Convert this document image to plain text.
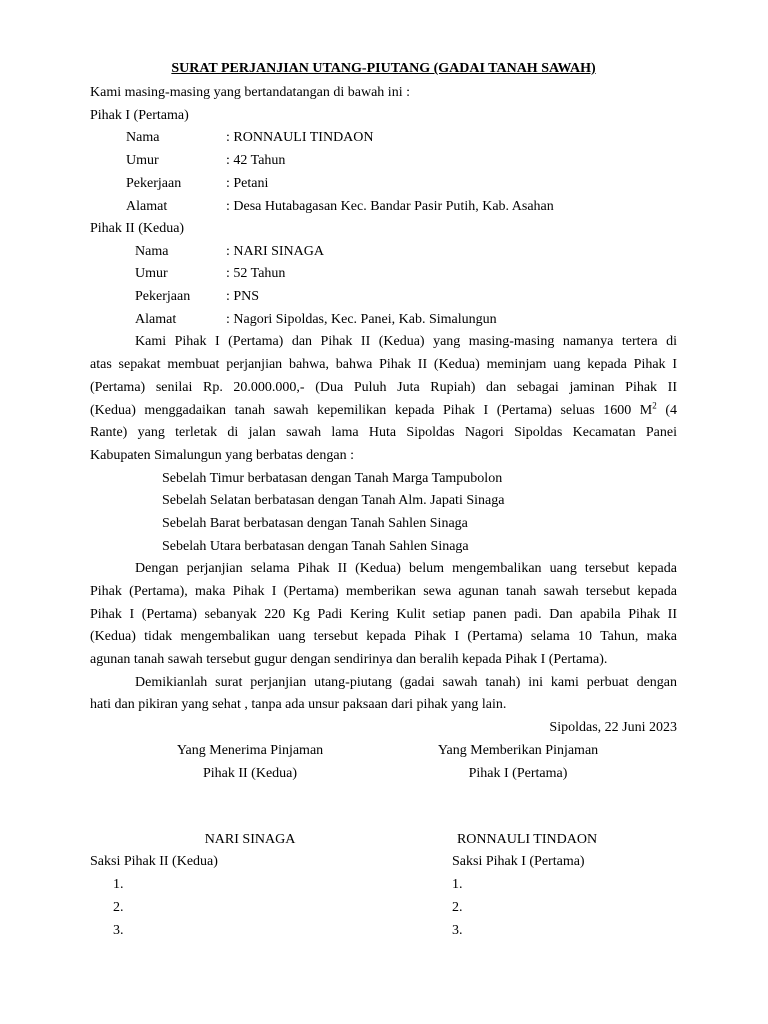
SURAT PERJANJIAN UTANG-PIUTANG (GADAI TANAH SAWAH)
Kami masing-masing yang bertandatangan di bawah ini :
Pihak I (Pertama)
Nama	: RONNAULI TINDAON
Umur	: 42 Tahun
Pekerjaan	: Petani
Alamat	: Desa Hutabagasan Kec. Bandar Pasir Putih, Kab. Asahan
Pihak II (Kedua)
Nama	: NARI SINAGA
Umur	: 52 Tahun
Pekerjaan	: PNS
Alamat	: Nagori Sipoldas, Kec. Panei, Kab. Simalungun
Kami Pihak I (Pertama) dan Pihak II (Kedua) yang masing-masing namanya tertera di
atas sepakat membuat perjanjian bahwa, bahwa Pihak II (Kedua) meminjam uang kepada Pihak I
(Pertama) senilai Rp. 20.000.000,- (Dua Puluh Juta Rupiah) dan sebagai jaminan Pihak II
(Kedua) menggadaikan tanah sawah kepemilikan kepada Pihak I (Pertama) seluas 1600 $M^2$ (4
Rante) yang terletak di jalan sawah lama Huta Sipoldas Nagori Sipoldas Kecamatan Panei
Kabupaten Simalungun yang berbatas dengan :
Sebelah Timur berbatasan dengan Tanah Marga Tampubolon
Sebelah Selatan berbatasan dengan Tanah Alm. Japati Sinaga
Sebelah Barat berbatasan dengan Tanah Sahlen Sinaga
Sebelah Utara berbatasan dengan Tanah Sahlen Sinaga
Dengan perjanjian selama Pihak II (Kedua) belum mengembalikan uang tersebut kepada
Pihak (Pertama), maka Pihak I (Pertama) memberikan sewa agunan tanah sawah tersebut kepada
Pihak I (Pertama) sebanyak 220 Kg Padi Kering Kulit setiap panen padi. Dan apabila Pihak II
(Kedua) tidak mengembalikan uang tersebut kepada Pihak I (Pertama) selama 10 Tahun, maka
agunan tanah sawah tersebut gugur dengan sendirinya dan beralih kepada Pihak I (Pertama).
Demikianlah surat perjanjian utang-piutang (gadai sawah tanah) ini kami perbuat dengan
hati dan pikiran yang sehat , tanpa ada unsur paksaan dari pihak yang lain.
Sipoldas, 22 Juni 2023
Yang Menerima Pinjaman
Pihak II (Kedua)
Yang Memberikan Pinjaman
Pihak I (Pertama)
NARI SINAGA	RONNAULI TINDAON
Saksi Pihak II (Kedua)
1.
2.
3.
Saksi Pihak I (Pertama)
1.
2.
3.
